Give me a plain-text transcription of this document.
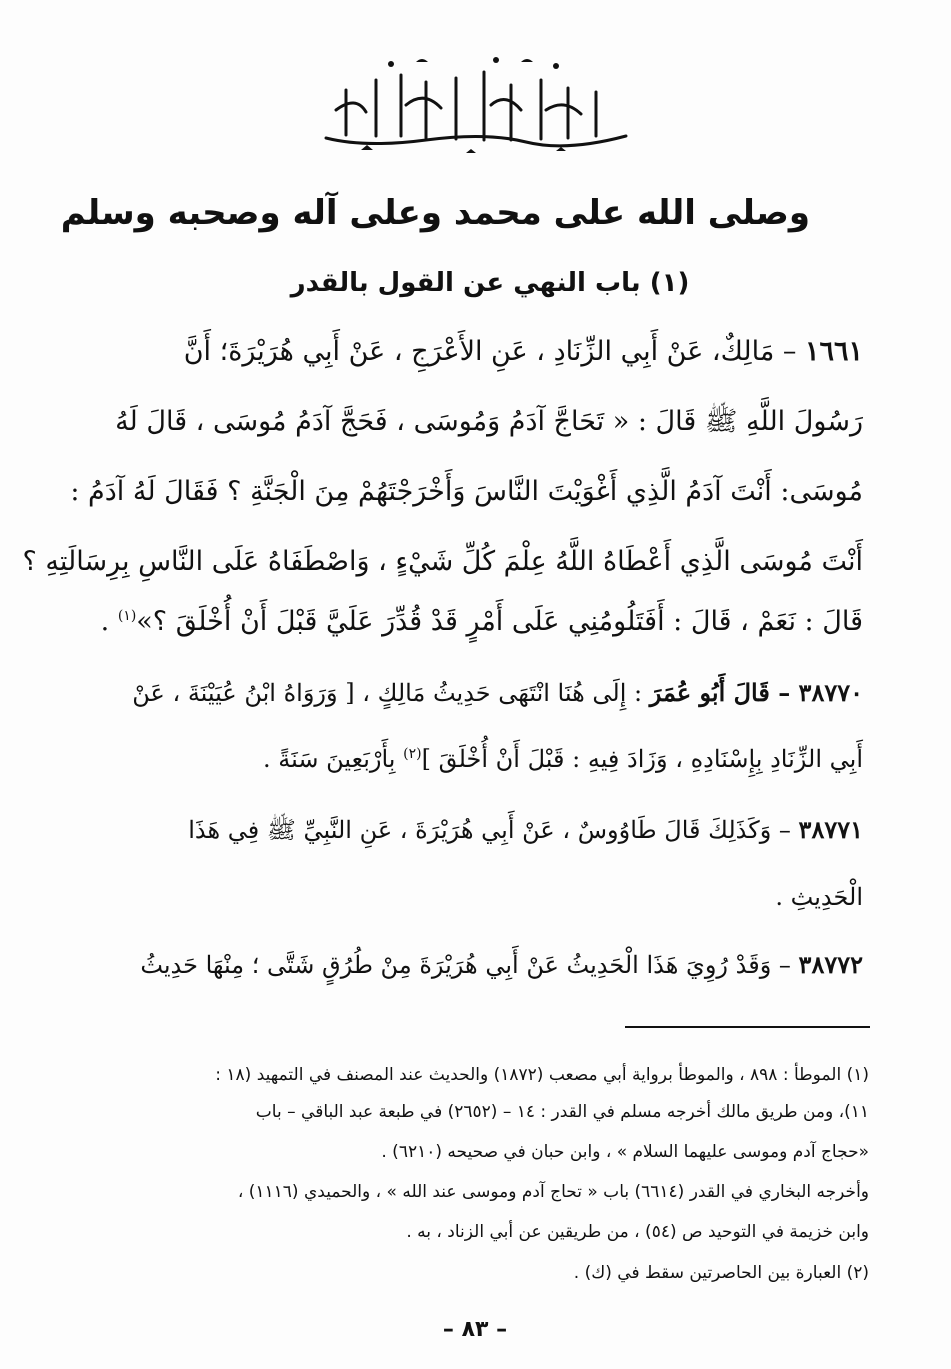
وصلى الله على محمد وعلى آله وصحبه وسلم
(١) باب النهي عن القول بالقدر
١٦٦١ – مَالِكٌ، عَنْ أَبِي الزِّنَادِ ، عَنِ الأَعْرَجِ ، عَنْ أَبِي هُرَيْرَةَ؛ أَنَّ
رَسُولَ اللَّهِ ﷺ قَالَ : « تَحَاجَّ آدَمُ وَمُوسَى ، فَحَجَّ آدَمُ مُوسَى ، قَالَ لَهُ
مُوسَى: أَنْتَ آدَمُ الَّذِي أَغْوَيْتَ النَّاسَ وَأَخْرَجْتَهُمْ مِنَ الْجَنَّةِ ؟ فَقَالَ لَهُ آدَمُ :
أَنْتَ مُوسَى الَّذِي أَعْطَاهُ اللَّهُ عِلْمَ كُلِّ شَيْءٍ ، وَاصْطَفَاهُ عَلَى النَّاسِ بِرِسَالَتِهِ ؟
قَالَ : نَعَمْ ، قَالَ : أَفَتَلُومُنِي عَلَى أَمْرٍ قَدْ قُدِّرَ عَلَيَّ قَبْلَ أَنْ أُخْلَقَ ؟»$^{(١)}$ .
٣٨٧٧٠ – قَالَ أَبُو عُمَرَ : إِلَى هُنَا انْتَهَى حَدِيثُ مَالِكٍ ، [ وَرَوَاهُ ابْنُ عُيَيْنَةَ ، عَنْ
أَبِي الزِّنَادِ بِإِسْنَادِهِ ، وَزَادَ فِيهِ : قَبْلَ أَنْ أُخْلَقَ ]$^{(٢)}$ بِأَرْبَعِينَ سَنَةً .
٣٨٧٧١ – وَكَذَلِكَ قَالَ طَاوُوسٌ ، عَنْ أَبِي هُرَيْرَةَ ، عَنِ النَّبِيِّ ﷺ فِي هَذَا
الْحَدِيثِ .
٣٨٧٧٢ – وَقَدْ رُوِيَ هَذَا الْحَدِيثُ عَنْ أَبِي هُرَيْرَةَ مِنْ طُرُقٍ شَتَّى ؛ مِنْهَا حَدِيثُ
(١) الموطأ : ٨٩٨ ، والموطأ برواية أبي مصعب (١٨٧٢) والحديث عند المصنف في التمهيد (١٨ :
١١)، ومن طريق مالك أخرجه مسلم في القدر : ١٤ – (٢٦٥٢) في طبعة عبد الباقي – باب
«حجاج آدم وموسى عليهما السلام » ، وابن حبان في صحيحه (٦٢١٠) .
وأخرجه البخاري في القدر (٦٦١٤) باب « تحاج آدم وموسى عند الله » ، والحميدي (١١١٦) ،
وابن خزيمة في التوحيد ص (٥٤) ، من طريقين عن أبي الزناد ، به .
(٢) العبارة بين الحاصرتين سقط في (ك) .
– ٨٣ –
